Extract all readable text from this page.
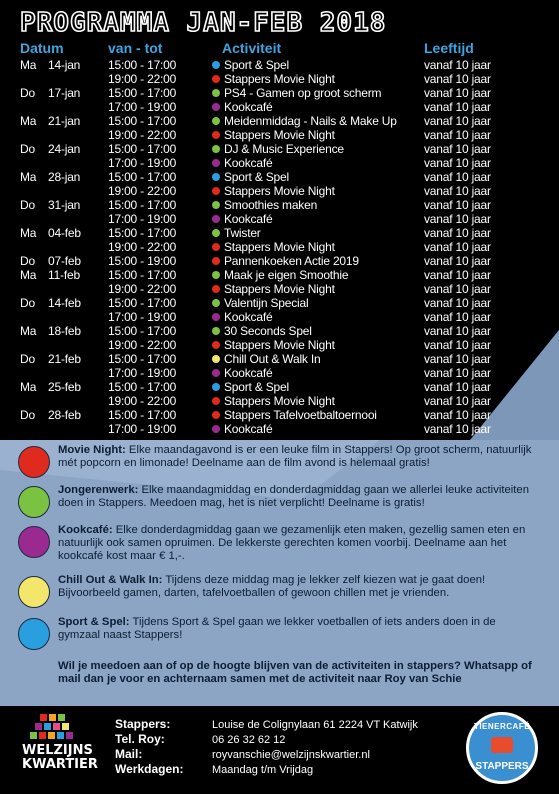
PROGRAMMA JAN-FEB 2018
Datum	van - tot	Activiteit	Leeftijd
Ma 14-jan 15:00 - 17:00	Sport & Spel	vanaf 10 jaar
19:00 - 22:00	Stappers Movie Night	vanaf 10 jaar
Do 17-jan 15:00 - 17:00	PS4 - Gamen op groot scherm	vanaf 10 jaar
17:00 - 19:00	Kookcafé	vanaf 10 jaar
Ma 21-jan 15:00 - 17:00	Meidenmiddag - Nails & Make Up vanaf 10 jaar
19:00 - 22:00	Stappers Movie Night	vanaf 10 jaar
Do 24-jan 15:00 - 17:00	DJ & Music Experience	vanaf 10 jaar
17:00 - 19:00	Kookcafé	vanaf 10 jaar
Ma 28-jan 15:00 - 17:00	Sport & Spel	vanaf 10 jaar
19:00 - 22:00	Stappers Movie Night	vanaf 10 jaar
Do 31-jan 15:00 - 17:00	Smoothies maken	vanaf 10 jaar
17:00 - 19:00	Kookcafé	vanaf 10 jaar
Ma 04-feb 15:00 - 17:00	Twister	vanaf 10 jaar
19:00 - 22:00	Stappers Movie Night	vanaf 10 jaar
Do 07-feb 15:00 - 19:00	Pannenkoeken Actie 2019	vanaf 10 jaar
Ma 11-feb 15:00 - 17:00	Maak je eigen Smoothie	vanaf 10 jaar
19:00 - 22:00	Stappers Movie Night	vanaf 10 jaar
Do 14-feb 15:00 - 17:00	Valentijn Special	vanaf 10 jaar
17:00 - 19:00	Kookcafé	vanaf 10 jaar
Ma 18-feb 15:00 - 17:00	30 Seconds Spel	vanaf 10 jaar
19:00 - 22:00	Stappers Movie Night	vanaf 10 jaar
Do 21-feb 15:00 - 17:00	Chill Out & Walk In	vanaf 10 jaar
17:00 - 19:00	Kookcafé	vanaf 10 jaar
Ma 25-feb 15:00 - 17:00	Sport & Spel	vanaf 10 jaar
19:00 - 22:00	Stappers Movie Night	vanaf 10 jaar
Do 28-feb 15:00 - 17:00	Stappers Tafelvoetbaltoernooi	vanaf 10 jaar
17:00 - 19:00	Kookcafé	vanaf 10 jaar
Movie Night: Elke maandagavond is er een leuke film in Stappers! Op groot scherm, natuurlijk mét popcorn en limonade! Deelname aan de film avond is helemaal gratis!
Jongerenwerk: Elke maandagmiddag en donderdagmiddag gaan we allerlei leuke activiteiten doen in Stappers. Meedoen mag, het is niet verplicht! Deelname is gratis!
Kookcafé: Elke donderdagmiddag gaan we gezamenlijk eten maken, gezellig samen eten en natuurlijk ook samen opruimen. De lekkerste gerechten komen voorbij. Deelname aan het kookcafé kost maar € 1,-.
Chill Out & Walk In: Tijdens deze middag mag je lekker zelf kiezen wat je gaat doen! Bijvoorbeeld gamen, darten, tafelvoetballen of gewoon chillen met je vrienden.
Sport & Spel: Tijdens Sport & Spel gaan we lekker voetballen of iets anders doen in de gymzaal naast Stappers!
Wil je meedoen aan of op de hoogte blijven van de activiteiten in stappers? Whatsapp of mail dan je voor en achternaam samen met de activiteit naar Roy van Schie
WELZIJNS KWARTIER
Stappers:	Louise de Colignylaan 61 2224 VT Katwijk
Tel. Roy:	06 26 32 62 12
Mail:	royvanschie@welzijnskwartier.nl
Werkdagen:	Maandag t/m Vrijdag
TIENERCAFÉ
STAPPERS
